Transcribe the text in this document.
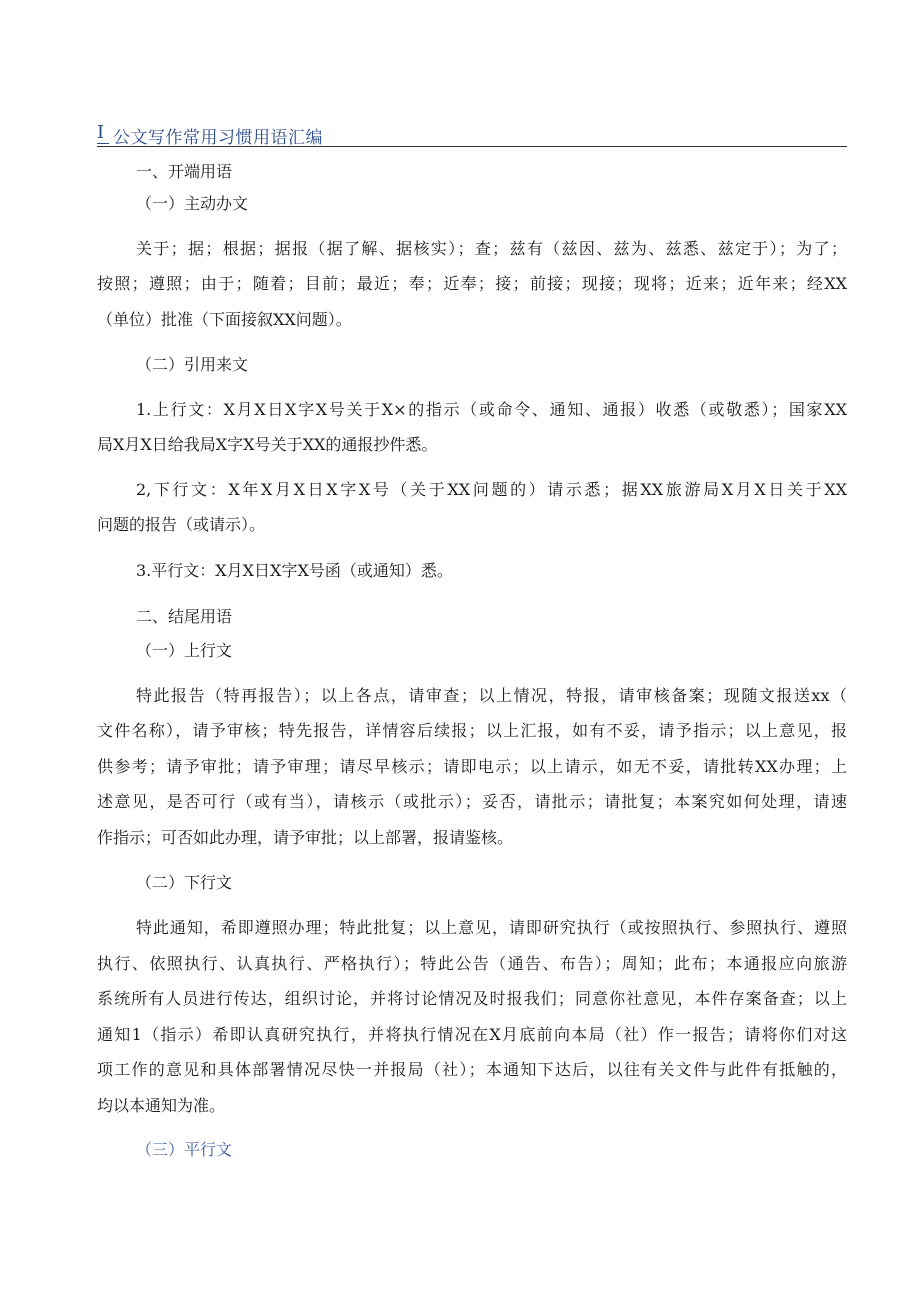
I 公文写作常用习惯用语汇编
一、开端用语
（一）主动办文
关于；据；根据；据报（据了解、据核实）；查；兹有（兹因、兹为、兹悉、兹定于）；为了；
按照；遵照；由于；随着；目前；最近；奉；近奉；接；前接；现接；现将；近来；近年来；经XX
（单位）批准（下面接叙XX问题）。
（二）引用来文
1.上行文：X月X日X字X号关于X×的指示（或命令、通知、通报）收悉（或敬悉）；国家XX
局X月X日给我局X字X号关于XX的通报抄件悉。
2,下行文：X年X月X日X字X号（关于XX问题的）请示悉；据XX旅游局X月X日关于XX
问题的报告（或请示）。
3.平行文：X月X日X字X号函（或通知）悉。
二、结尾用语
（一）上行文
特此报告（特再报告）；以上各点，请审查；以上情况，特报，请审核备案；现随文报送xx（
文件名称），请予审核；特先报告，详情容后续报；以上汇报，如有不妥，请予指示；以上意见，报
供参考；请予审批；请予审理；请尽早核示；请即电示；以上请示，如无不妥，请批转XX办理；上
述意见，是否可行（或有当），请核示（或批示）；妥否，请批示；请批复；本案究如何处理，请速
作指示；可否如此办理，请予审批；以上部署，报请鉴核。
（二）下行文
特此通知，希即遵照办理；特此批复；以上意见，请即研究执行（或按照执行、参照执行、遵照
执行、依照执行、认真执行、严格执行）；特此公告（通告、布告）；周知；此布；本通报应向旅游
系统所有人员进行传达，组织讨论，并将讨论情况及时报我们；同意你社意见，本件存案备查；以上
通知1（指示）希即认真研究执行，并将执行情况在X月底前向本局（社）作一报告；请将你们对这
项工作的意见和具体部署情况尽快一并报局（社）；本通知下达后，以往有关文件与此件有抵触的，
均以本通知为准。
（三）平行文
